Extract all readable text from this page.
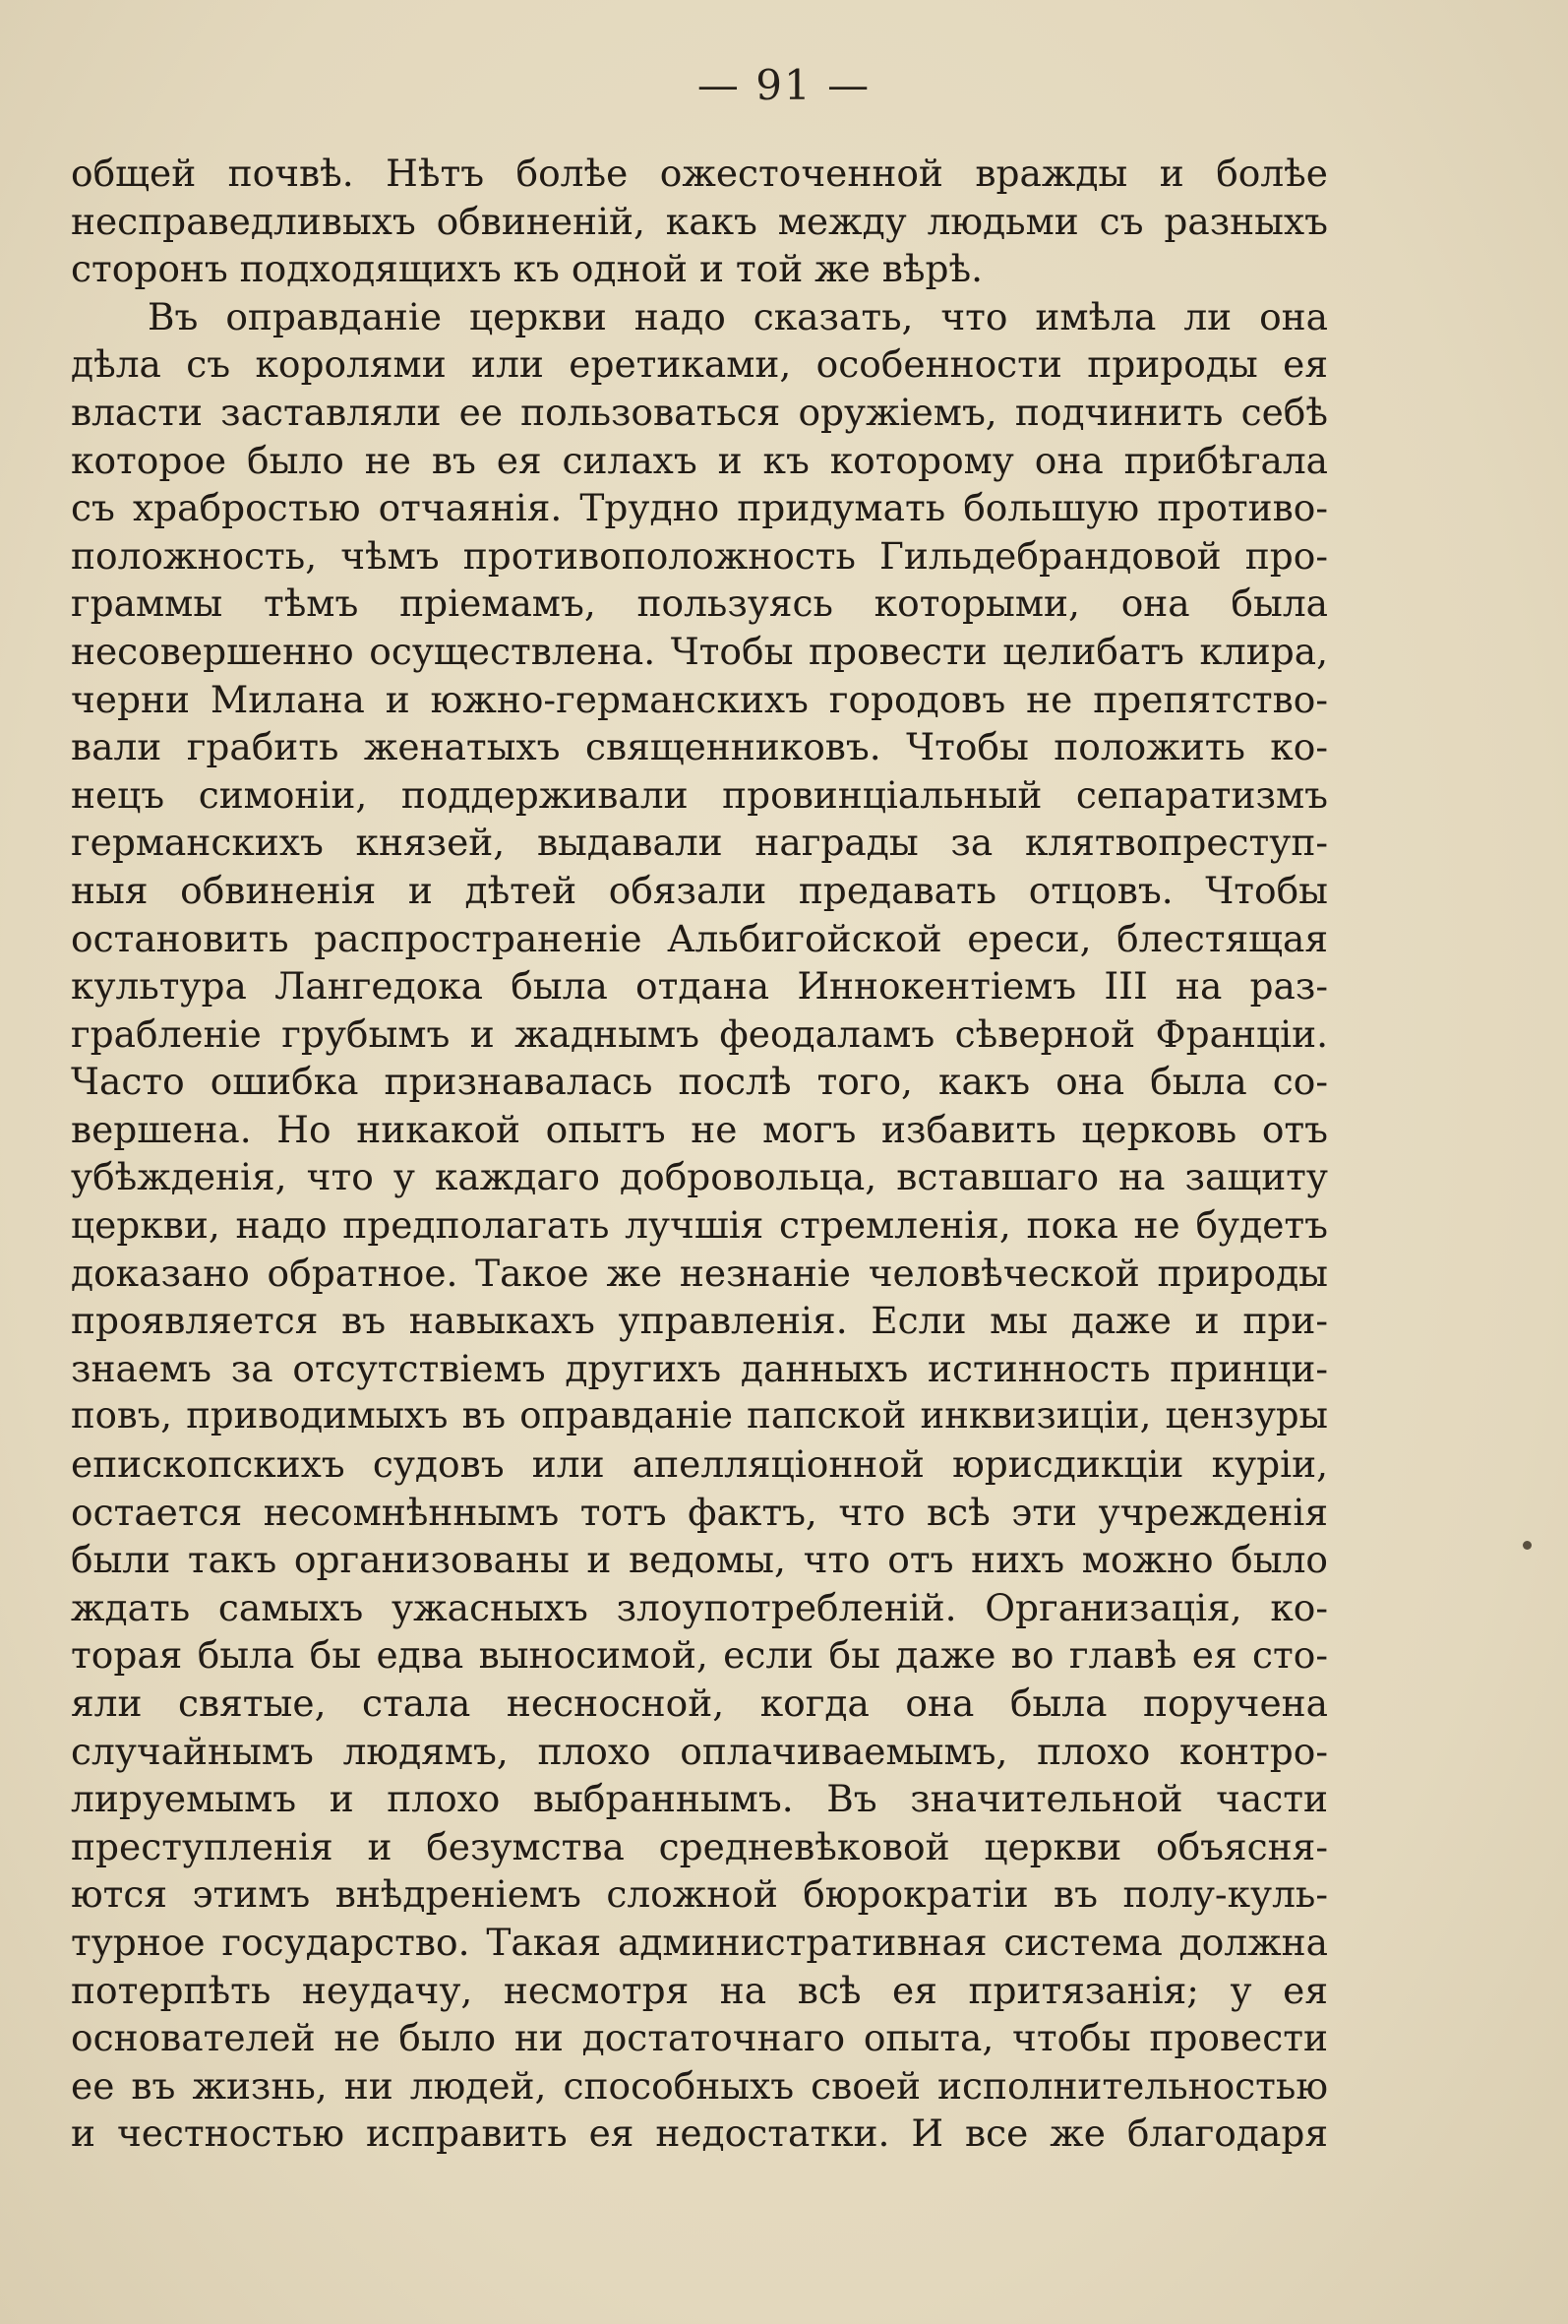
— 91 —
общей почвѣ. Нѣтъ болѣе ожесточенной вражды и болѣе
несправедливыхъ обвиненій, какъ между людьми съ разныхъ
сторонъ подходящихъ къ одной и той же вѣрѣ.
Въ оправданіе церкви надо сказать, что имѣла ли она
дѣла съ королями или еретиками, особенности природы ея
власти заставляли ее пользоваться оружіемъ, подчинить себѣ
которое было не въ ея силахъ и къ которому она прибѣгала
съ храбростью отчаянія. Трудно придумать большую противо-
положность, чѣмъ противоположность Гильдебрандовой про-
граммы тѣмъ пріемамъ, пользуясь которыми, она была
несовершенно осуществлена. Чтобы провести целибатъ клира,
черни Милана и южно-германскихъ городовъ не препятство-
вали грабить женатыхъ священниковъ. Чтобы положить ко-
нецъ симоніи, поддерживали провинціальный сепаратизмъ
германскихъ князей, выдавали награды за клятвопреступ-
ныя обвиненія и дѣтей обязали предавать отцовъ. Чтобы
остановить распространеніе Альбигойской ереси, блестящая
культура Лангедока была отдана Иннокентіемъ III на раз-
грабленіе грубымъ и жаднымъ феодаламъ сѣверной Франціи.
Часто ошибка признавалась послѣ того, какъ она была со-
вершена. Но никакой опытъ не могъ избавить церковь отъ
убѣжденія, что у каждаго добровольца, вставшаго на защиту
церкви, надо предполагать лучшія стремленія, пока не будетъ
доказано обратное. Такое же незнаніе человѣческой природы
проявляется въ навыкахъ управленія. Если мы даже и при-
знаемъ за отсутствіемъ другихъ данныхъ истинность принци-
повъ, приводимыхъ въ оправданіе папской инквизиціи, цензуры
епископскихъ судовъ или апелляціонной юрисдикціи куріи,
остается несомнѣннымъ тотъ фактъ, что всѣ эти учрежденія
были такъ организованы и ведомы, что отъ нихъ можно было
ждать самыхъ ужасныхъ злоупотребленій. Организація, ко-
торая была бы едва выносимой, если бы даже во главѣ ея сто-
яли святые, стала несносной, когда она была поручена
случайнымъ людямъ, плохо оплачиваемымъ, плохо контро-
лируемымъ и плохо выбраннымъ. Въ значительной части
преступленія и безумства средневѣковой церкви объясня-
ются этимъ внѣдреніемъ сложной бюрократіи въ полу-куль-
турное государство. Такая административная система должна
потерпѣть неудачу, несмотря на всѣ ея притязанія; у ея
основателей не было ни достаточнаго опыта, чтобы провести
ее въ жизнь, ни людей, способныхъ своей исполнительностью
и честностью исправить ея недостатки. И все же благодаря
